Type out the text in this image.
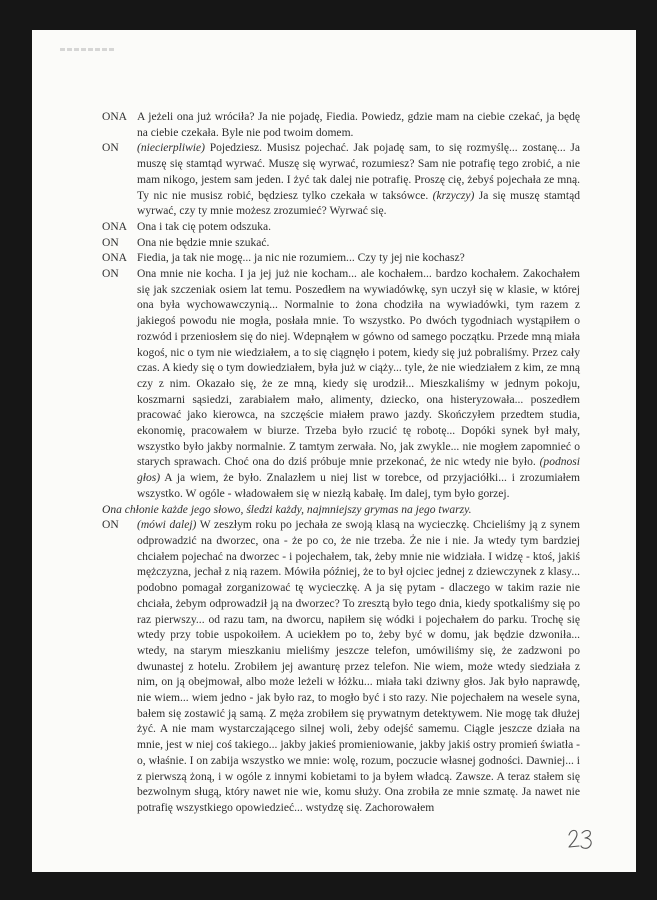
ONA A jeżeli ona już wróciła? Ja nie pojadę, Fiedia. Powiedz, gdzie mam na ciebie czekać, ja będę na ciebie czekała. Byle nie pod twoim domem.
ON	(niecierpliwie) Pojedziesz. Musisz pojechać. Jak pojadę sam, to się rozmyślę... zostanę... Ja muszę się stamtąd wyrwać. Muszę się wyrwać, rozumiesz? Sam nie potrafię tego zrobić, a nie mam nikogo, jestem sam jeden. I żyć tak dalej nie potrafię. Proszę cię, żebyś pojechała ze mną. Ty nic nie musisz robić, będziesz tylko czekała w taksówce. (krzyczy) Ja się muszę stamtąd wyrwać, czy ty mnie możesz zrozumieć? Wyrwać się.
ONA Ona i tak cię potem odszuka.
ON	Ona nie będzie mnie szukać.
ONA Fiedia, ja tak nie mogę... ja nic nie rozumiem... Czy ty jej nie kochasz?
ON	Ona mnie nie kocha. I ja jej już nie kocham... ale kochałem... bardzo kochałem. Zakochałem się jak szczeniak osiem lat temu. Poszedłem na wywiadówkę, syn uczył się w klasie, w której ona była wychowawczynią... Normalnie to żona chodziła na wywiadówki, tym razem z jakiegoś powodu nie mogła, posłała mnie. To wszystko. Po dwóch tygodniach wystąpiłem o rozwód i przeniosłem się do niej. Wdepnąłem w gówno od samego początku. Przede mną miała kogoś, nic o tym nie wiedziałem, a to się ciągnęło i potem, kiedy się już pobraliśmy. Przez cały czas. A kiedy się o tym dowiedziałem, była już w ciąży... tyle, że nie wiedziałem z kim, ze mną czy z nim. Okazało się, że ze mną, kiedy się urodził... Mieszkaliśmy w jednym pokoju, koszmarni sąsiedzi, zarabiałem mało, alimenty, dziecko, ona histeryzowała... poszedłem pracować jako kierowca, na szczęście miałem prawo jazdy. Skończyłem przedtem studia, ekonomię, pracowałem w biurze. Trzeba było rzucić tę robotę... Dopóki synek był mały, wszystko było jakby normalnie. Z tamtym zerwała. No, jak zwykle... nie mogłem zapomnieć o starych sprawach. Choć ona do dziś próbuje mnie przekonać, że nic wtedy nie było. (podnosi głos) A ja wiem, że było. Znalazłem u niej list w torebce, od przyjaciółki... i zrozumiałem wszystko. W ogóle - władowałem się w niezłą kabałę. Im dalej, tym było gorzej.
Ona chłonie każde jego słowo, śledzi każdy, najmniejszy grymas na jego twarzy.
ON	(mówi dalej) W zeszłym roku po jechała ze swoją klasą na wycieczkę. Chcieliśmy ją z synem odprowadzić na dworzec, ona - że po co, że nie trzeba. Że nie i nie. Ja wtedy tym bardziej chciałem pojechać na dworzec - i pojechałem, tak, żeby mnie nie widziała. I widzę - ktoś, jakiś mężczyzna, jechał z nią razem. Mówiła później, że to był ojciec jednej z dziewczynek z klasy... podobno pomagał zorganizować tę wycieczkę. A ja się pytam - dlaczego w takim razie nie chciała, żebym odprowadził ją na dworzec? To zresztą było tego dnia, kiedy spotkaliśmy się po raz pierwszy... od razu tam, na dworcu, napiłem się wódki i pojechałem do parku. Trochę się wtedy przy tobie uspokoiłem. A uciekłem po to, żeby być w domu, jak będzie dzwoniła... wtedy, na starym mieszkaniu mieliśmy jeszcze telefon, umówiliśmy się, że zadzwoni po dwunastej z hotelu. Zrobiłem jej awanturę przez telefon. Nie wiem, może wtedy siedziała z nim, on ją obejmował, albo może leżeli w łóżku... miała taki dziwny głos. Jak było naprawdę, nie wiem... wiem jedno - jak było raz, to mogło być i sto razy. Nie pojechałem na wesele syna, bałem się zostawić ją samą. Z męża zrobiłem się prywatnym detektywem. Nie mogę tak dłużej żyć. A nie mam wystarczającego silnej woli, żeby odejść samemu. Ciągle jeszcze działa na mnie, jest w niej coś takiego... jakby jakieś promieniowanie, jakby jakiś ostry promień światła - o, właśnie. I on zabija wszystko we mnie: wolę, rozum, poczucie własnej godności. Dawniej... i z pierwszą żoną, i w ogóle z innymi kobietami to ja byłem władcą. Zawsze. A teraz stałem się bezwolnym sługą, który nawet nie wie, komu służy. Ona zrobiła ze mnie szmatę. Ja nawet nie potrafię wszystkiego opowiedzieć... wstydzę się. Zachorowałem
